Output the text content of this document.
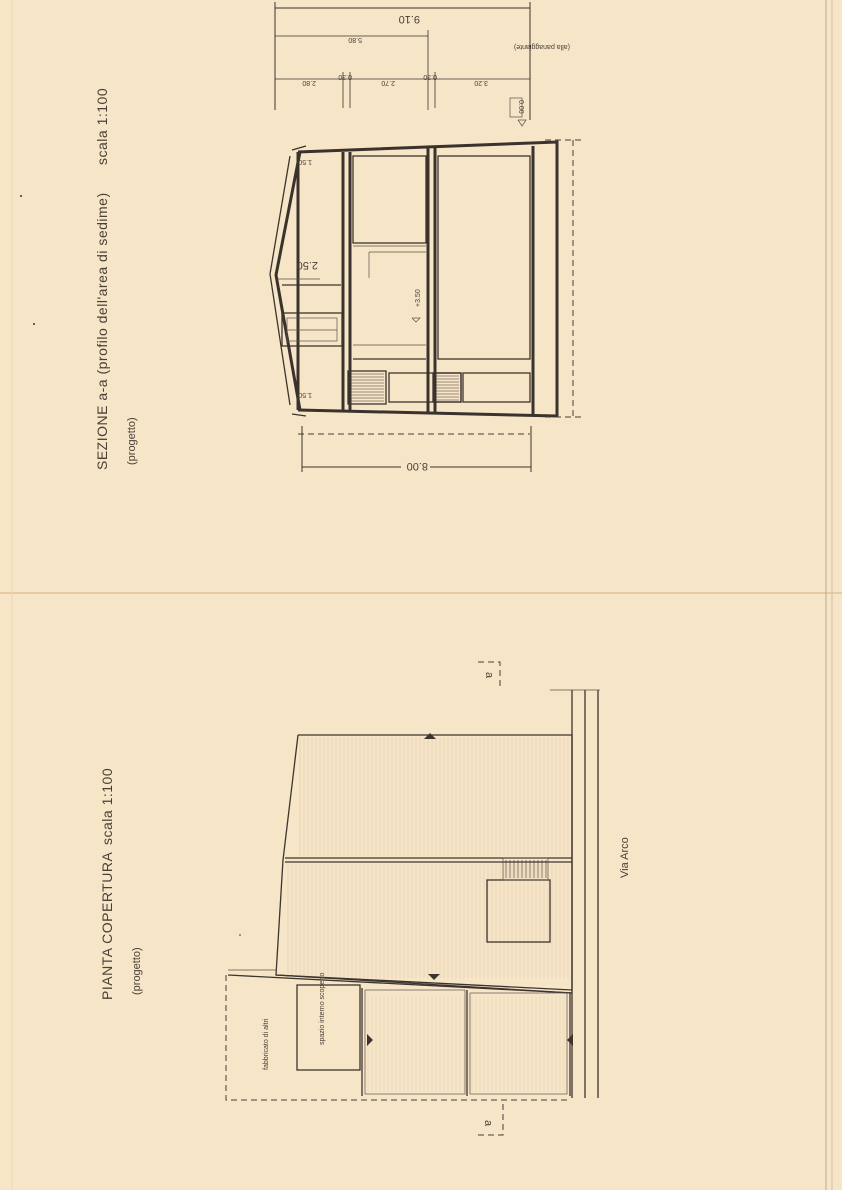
SEZIONE a-a (profilo dell'area di sedime)
scala 1:100
(progetto)
1.50
2.50
1.50
+3.50
8.00
9.10
5.80
2.80
0.30
2.70
0.30
3.20
(alla panaggiante)
0.00
PIANTA COPERTURA
scala 1:100
(progetto)
fabbricato di altri	spazio interno scoperto
Via Arco
a
a
